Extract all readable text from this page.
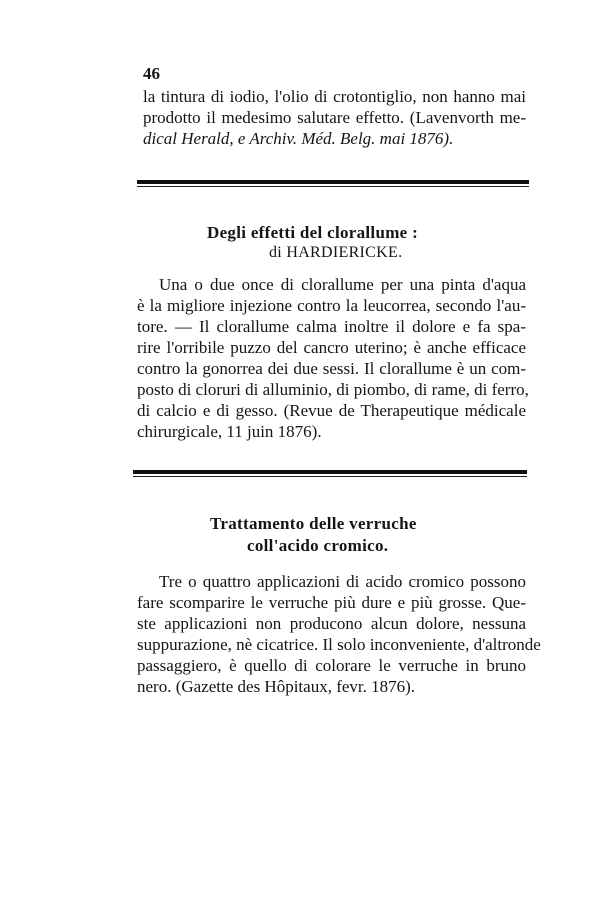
46

la tintura di iodio, l'olio di crotontiglio, non hanno mai
prodotto il medesimo salutare effetto. (Lavenvorth me-
dical Herald, e Archiv. Méd. Belg. mai 1876).

Degli effetti del clorallume :
di HARDIERICKE.

Una o due once di clorallume per una pinta d'aqua
è la migliore injezione contro la leucorrea, secondo l'au-
tore. — Il clorallume calma inoltre il dolore e fa spa-
rire l'orribile puzzo del cancro uterino; è anche efficace
contro la gonorrea dei due sessi. Il clorallume è un com-
posto di cloruri di alluminio, di piombo, di rame, di ferro,
di calcio e di gesso. (Revue de Therapeutique médicale
chirurgicale, 11 juin 1876).

Trattamento delle verruche
coll'acido cromico.

Tre o quattro applicazioni di acido cromico possono
fare scomparire le verruche più dure e più grosse. Que-
ste applicazioni non producono alcun dolore, nessuna
suppurazione, nè cicatrice. Il solo inconveniente, d'altronde
passaggiero, è quello di colorare le verruche in bruno
nero. (Gazette des Hôpitaux, fevr. 1876).
